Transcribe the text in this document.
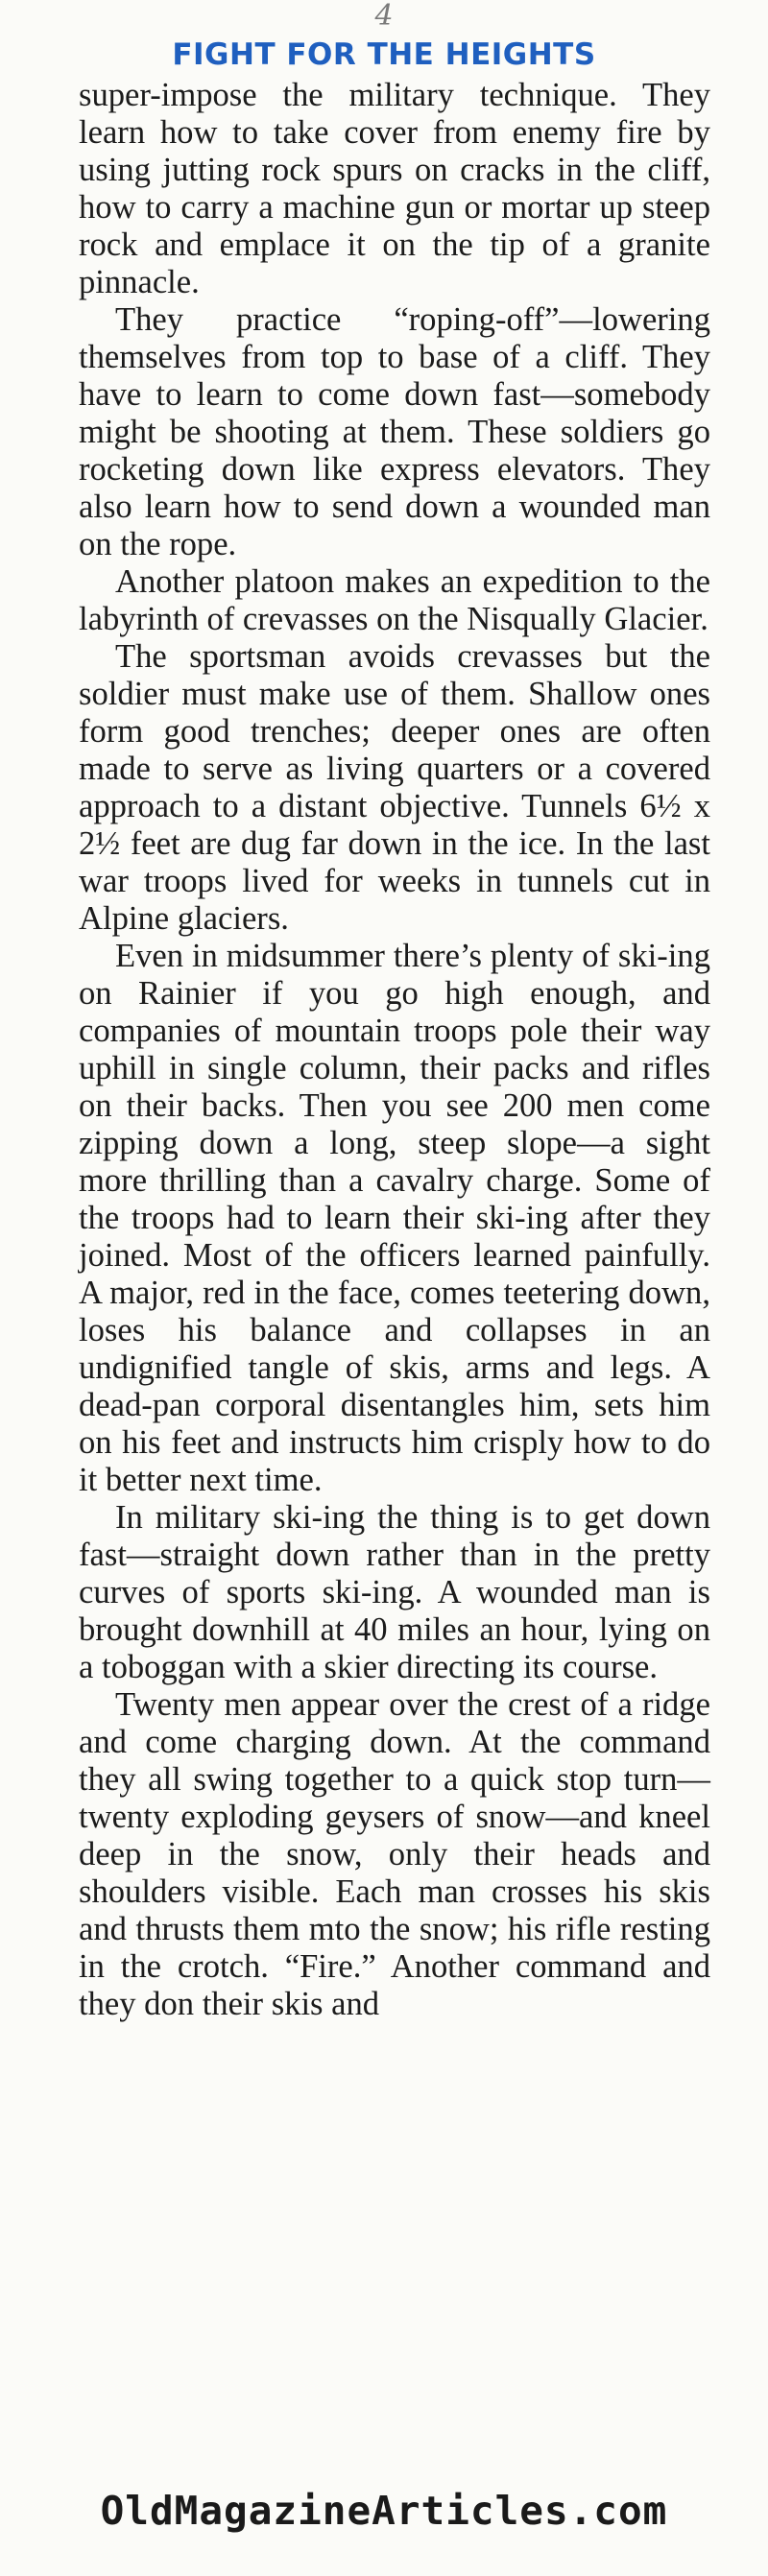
4
FIGHT FOR THE HEIGHTS

super-impose the military technique. They learn how to take cover from enemy fire by using jutting rock spurs on cracks in the cliff, how to carry a machine gun or mortar up steep rock and emplace it on the tip of a granite pinnacle.

They practice “roping-off”—lowering themselves from top to base of a cliff. They have to learn to come down fast—somebody might be shooting at them. These soldiers go rocketing down like express elevators. They also learn how to send down a wounded man on the rope.

Another platoon makes an expedition to the labyrinth of crevasses on the Nisqually Glacier.

The sportsman avoids crevasses but the soldier must make use of them. Shallow ones form good trenches; deeper ones are often made to serve as living quarters or a covered approach to a distant objective. Tunnels 6½ x 2½ feet are dug far down in the ice. In the last war troops lived for weeks in tunnels cut in Alpine glaciers.

Even in midsummer there’s plenty of ski-ing on Rainier if you go high enough, and companies of mountain troops pole their way uphill in single column, their packs and rifles on their backs. Then you see 200 men come zipping down a long, steep slope—a sight more thrilling than a cavalry charge. Some of the troops had to learn their ski-ing after they joined. Most of the officers learned painfully. A major, red in the face, comes teetering down, loses his balance and collapses in an undignified tangle of skis, arms and legs. A dead-pan corporal disentangles him, sets him on his feet and instructs him crisply how to do it better next time.

In military ski-ing the thing is to get down fast—straight down rather than in the pretty curves of sports ski-ing. A wounded man is brought downhill at 40 miles an hour, lying on a toboggan with a skier directing its course.

Twenty men appear over the crest of a ridge and come charging down. At the command they all swing together to a quick stop turn—twenty exploding geysers of snow—and kneel deep in the snow, only their heads and shoulders visible. Each man crosses his skis and thrusts them mto the snow; his rifle resting in the crotch. “Fire.” Another command and they don their skis and

OldMagazineArticles.com
